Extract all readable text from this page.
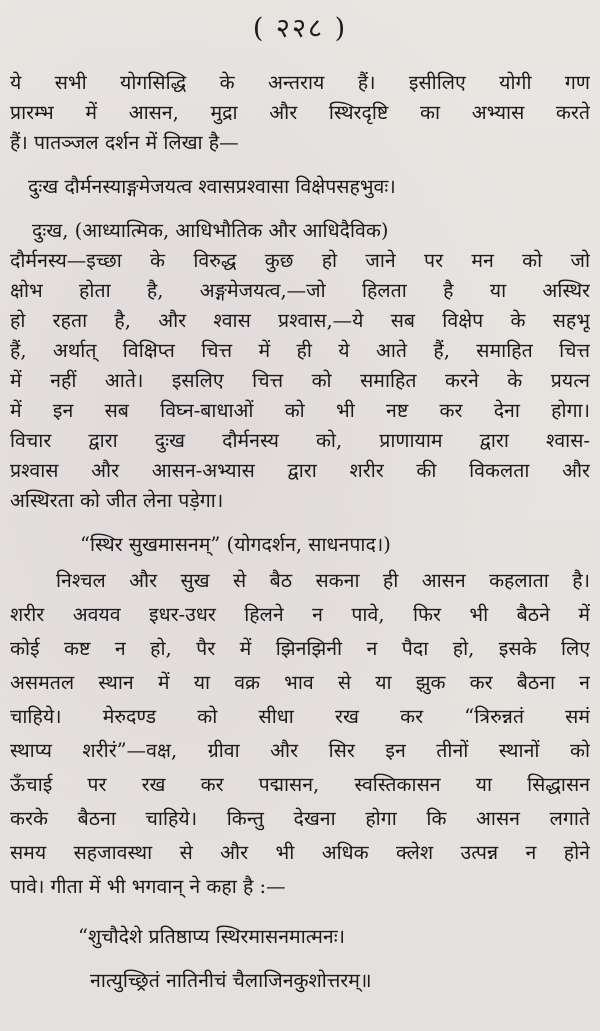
( २२८ )
ये सभी योगसिद्धि के अन्तराय हैं। इसीलिए योगी गण
प्रारम्भ में आसन, मुद्रा और स्थिरदृष्टि का अभ्यास करते
हैं। पातञ्जल दर्शन में लिखा है—
दुःख दौर्मनस्याङ्गमेजयत्व श्वासप्रश्वासा विक्षेपसहभुवः।
दुःख, (आध्यात्मिक, आधिभौतिक और आधिदैविक)
दौर्मनस्य—इच्छा के विरुद्ध कुछ हो जाने पर मन को जो
क्षोभ होता है, अङ्गमेजयत्व,—जो हिलता है या अस्थिर
हो रहता है, और श्वास प्रश्वास,—ये सब विक्षेप के सहभू
हैं, अर्थात् विक्षिप्त चित्त में ही ये आते हैं, समाहित चित्त
में नहीं आते। इसलिए चित्त को समाहित करने के प्रयत्न
में इन सब विघ्न-बाधाओं को भी नष्ट कर देना होगा।
विचार द्वारा दुःख दौर्मनस्य को, प्राणायाम द्वारा श्वास-
प्रश्वास और आसन-अभ्यास द्वारा शरीर की विकलता और
अस्थिरता को जीत लेना पड़ेगा।
“स्थिर सुखमासनम्” (योगदर्शन, साधनपाद।)
निश्चल और सुख से बैठ सकना ही आसन कहलाता है।
शरीर अवयव इधर-उधर हिलने न पावे, फिर भी बैठने में
कोई कष्ट न हो, पैर में झिनझिनी न पैदा हो, इसके लिए
असमतल स्थान में या वक्र भाव से या झुक कर बैठना न
चाहिये। मेरुदण्ड को सीधा रख कर “त्रिरुन्नतं समं
स्थाप्य शरीरं”—वक्ष, ग्रीवा और सिर इन तीनों स्थानों को
ऊँचाई पर रख कर पद्मासन, स्वस्तिकासन या सिद्धासन
करके बैठना चाहिये। किन्तु देखना होगा कि आसन लगाते
समय सहजावस्था से और भी अधिक क्लेश उत्पन्न न होने
पावे। गीता में भी भगवान् ने कहा है :—
“शुचौदेशे प्रतिष्ठाप्य स्थिरमासनमात्मनः।
नात्युच्छ्रितं नातिनीचं चैलाजिनकुशोत्तरम्॥
